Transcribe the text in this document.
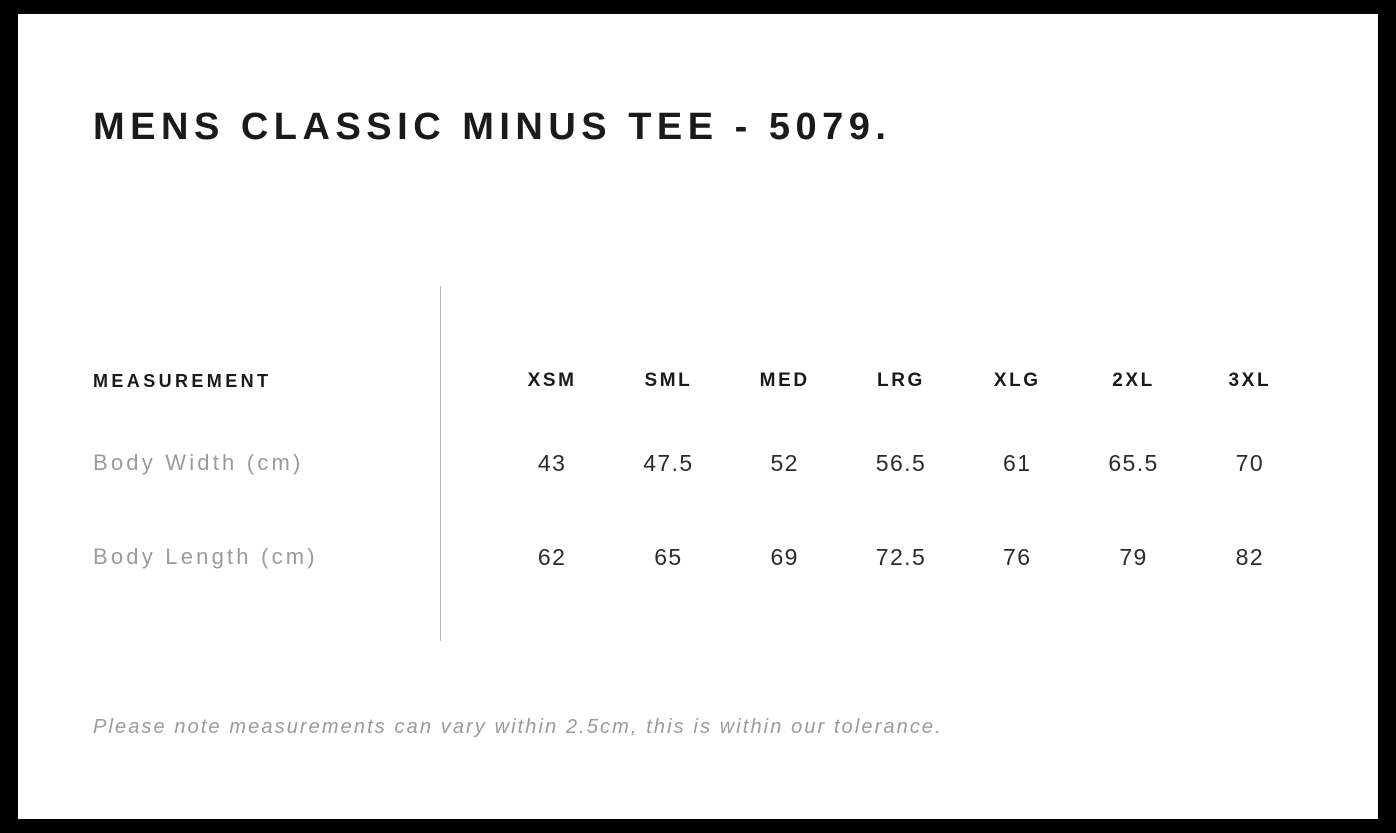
MENS CLASSIC MINUS TEE - 5079.
MEASUREMENT	XSM	SML	MED	LRG	XLG	2XL	3XL
Body Width (cm)	43	47.5	52	56.5	61	65.5	70
Body Length (cm)	62	65	69	72.5	76	79	82
Please note measurements can vary within 2.5cm, this is within our tolerance.
